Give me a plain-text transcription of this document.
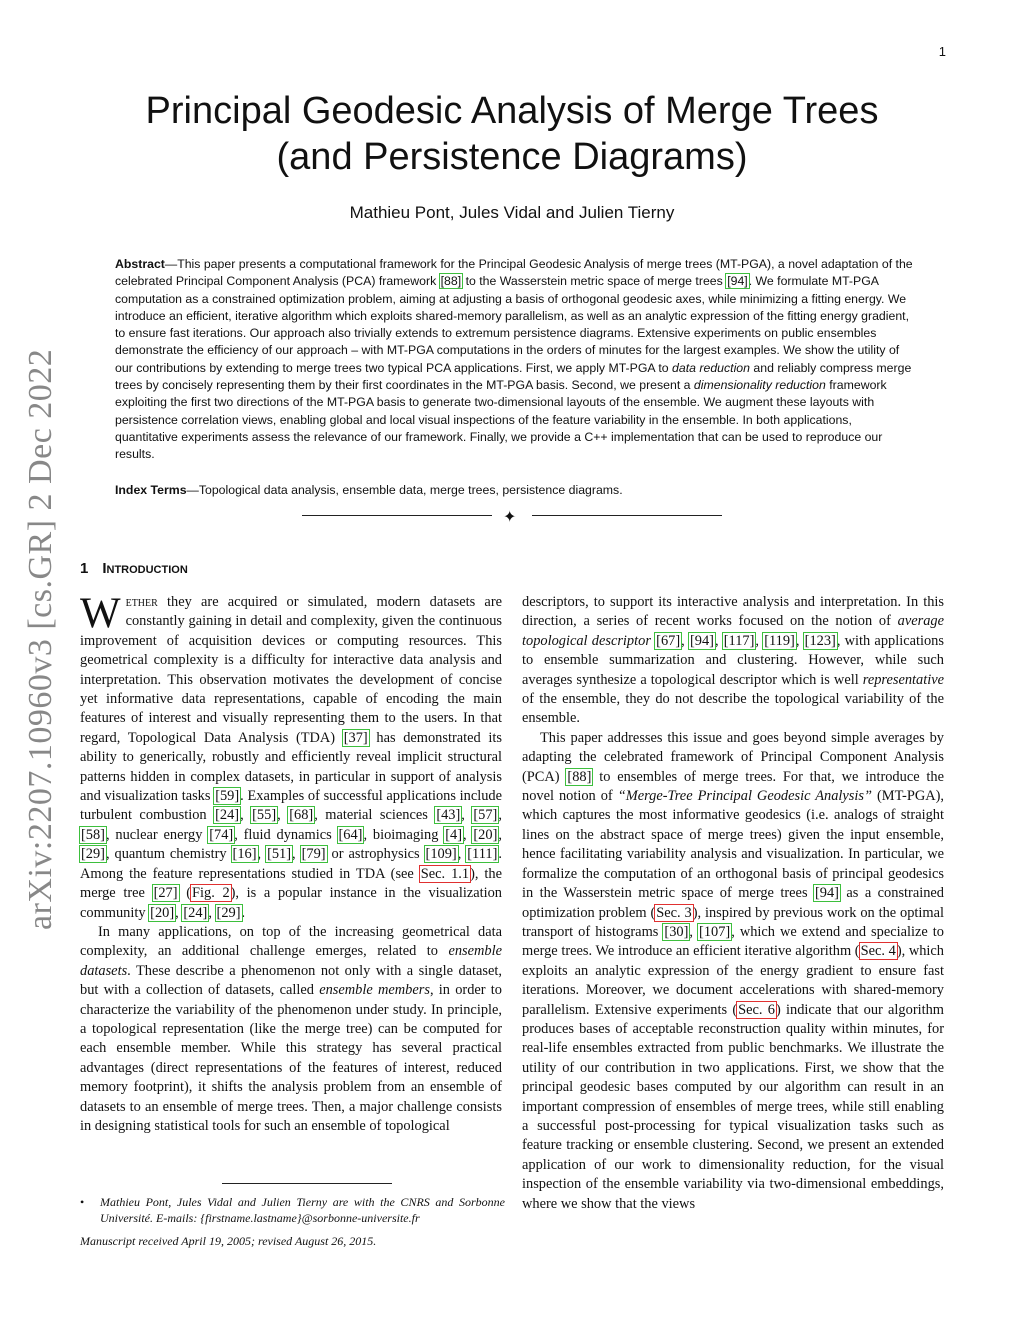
1
arXiv:2207.10960v3 [cs.GR] 2 Dec 2022
Principal Geodesic Analysis of Merge Trees
(and Persistence Diagrams)
Mathieu Pont, Jules Vidal and Julien Tierny
Abstract—This paper presents a computational framework for the Principal Geodesic Analysis of merge trees (MT-PGA), a novel adaptation of the celebrated Principal Component Analysis (PCA) framework [88] to the Wasserstein metric space of merge trees [94]. We formulate MT-PGA computation as a constrained optimization problem, aiming at adjusting a basis of orthogonal geodesic axes, while minimizing a fitting energy. We introduce an efficient, iterative algorithm which exploits shared-memory parallelism, as well as an analytic expression of the fitting energy gradient, to ensure fast iterations. Our approach also trivially extends to extremum persistence diagrams. Extensive experiments on public ensembles demonstrate the efficiency of our approach – with MT-PGA computations in the orders of minutes for the largest examples. We show the utility of our contributions by extending to merge trees two typical PCA applications. First, we apply MT-PGA to data reduction and reliably compress merge trees by concisely representing them by their first coordinates in the MT-PGA basis. Second, we present a dimensionality reduction framework exploiting the first two directions of the MT-PGA basis to generate two-dimensional layouts of the ensemble. We augment these layouts with persistence correlation views, enabling global and local visual inspections of the feature variability in the ensemble. In both applications, quantitative experiments assess the relevance of our framework. Finally, we provide a C++ implementation that can be used to reproduce our results.
Index Terms—Topological data analysis, ensemble data, merge trees, persistence diagrams.
✦
1 Introduction

Wether they are acquired or simulated, modern datasets are constantly gaining in detail and complexity, given the continuous improvement of acquisition devices or computing resources. This geometrical complexity is a difficulty for interactive data analysis and interpretation. This observation motivates the development of concise yet informative data representations, capable of encoding the main features of interest and visually representing them to the users. In that regard, Topological Data Analysis (TDA) [37] has demonstrated its ability to generically, robustly and efficiently reveal implicit structural patterns hidden in complex datasets, in particular in support of analysis and visualization tasks [59]. Examples of successful applications include turbulent combustion [24], [55], [68], material sciences [43], [57], [58], nuclear energy [74], fluid dynamics [64], bioimaging [4], [20], [29], quantum chemistry [16], [51], [79] or astrophysics [109], [111]. Among the feature representations studied in TDA (see Sec. 1.1), the merge tree [27] (Fig. 2), is a popular instance in the visualization community [20], [24], [29].

In many applications, on top of the increasing geometrical data complexity, an additional challenge emerges, related to ensemble datasets. These describe a phenomenon not only with a single dataset, but with a collection of datasets, called ensemble members, in order to characterize the variability of the phenomenon under study. In principle, a topological representation (like the merge tree) can be computed for each ensemble member. While this strategy has several practical advantages (direct representations of the features of interest, reduced memory footprint), it shifts the analysis problem from an ensemble of datasets to an ensemble of merge trees. Then, a major challenge consists in designing statistical tools for such an ensemble of topological

descriptors, to support its interactive analysis and interpretation. In this direction, a series of recent works focused on the notion of average topological descriptor [67], [94], [117], [119], [123], with applications to ensemble summarization and clustering. However, while such averages synthesize a topological descriptor which is well representative of the ensemble, they do not describe the topological variability of the ensemble.

This paper addresses this issue and goes beyond simple averages by adapting the celebrated framework of Principal Component Analysis (PCA) [88] to ensembles of merge trees. For that, we introduce the novel notion of “Merge-Tree Principal Geodesic Analysis” (MT-PGA), which captures the most informative geodesics (i.e. analogs of straight lines on the abstract space of merge trees) given the input ensemble, hence facilitating variability analysis and visualization. In particular, we formalize the computation of an orthogonal basis of principal geodesics in the Wasserstein metric space of merge trees [94] as a constrained optimization problem (Sec. 3), inspired by previous work on the optimal transport of histograms [30], [107], which we extend and specialize to merge trees. We introduce an efficient iterative algorithm (Sec. 4), which exploits an analytic expression of the energy gradient to ensure fast iterations. Moreover, we document accelerations with shared-memory parallelism. Extensive experiments (Sec. 6) indicate that our algorithm produces bases of acceptable reconstruction quality within minutes, for real-life ensembles extracted from public benchmarks. We illustrate the utility of our contribution in two applications. First, we show that the principal geodesic bases computed by our algorithm can result in an important compression of ensembles of merge trees, while still enabling a successful post-processing for typical visualization tasks such as feature tracking or ensemble clustering. Second, we present an extended application of our work to dimensionality reduction, for the visual inspection of the ensemble variability via two-dimensional embeddings, where we show that the views

• Mathieu Pont, Jules Vidal and Julien Tierny are with the CNRS and Sorbonne Université. E-mails: {firstname.lastname}@sorbonne-universite.fr
Manuscript received April 19, 2005; revised August 26, 2015.
